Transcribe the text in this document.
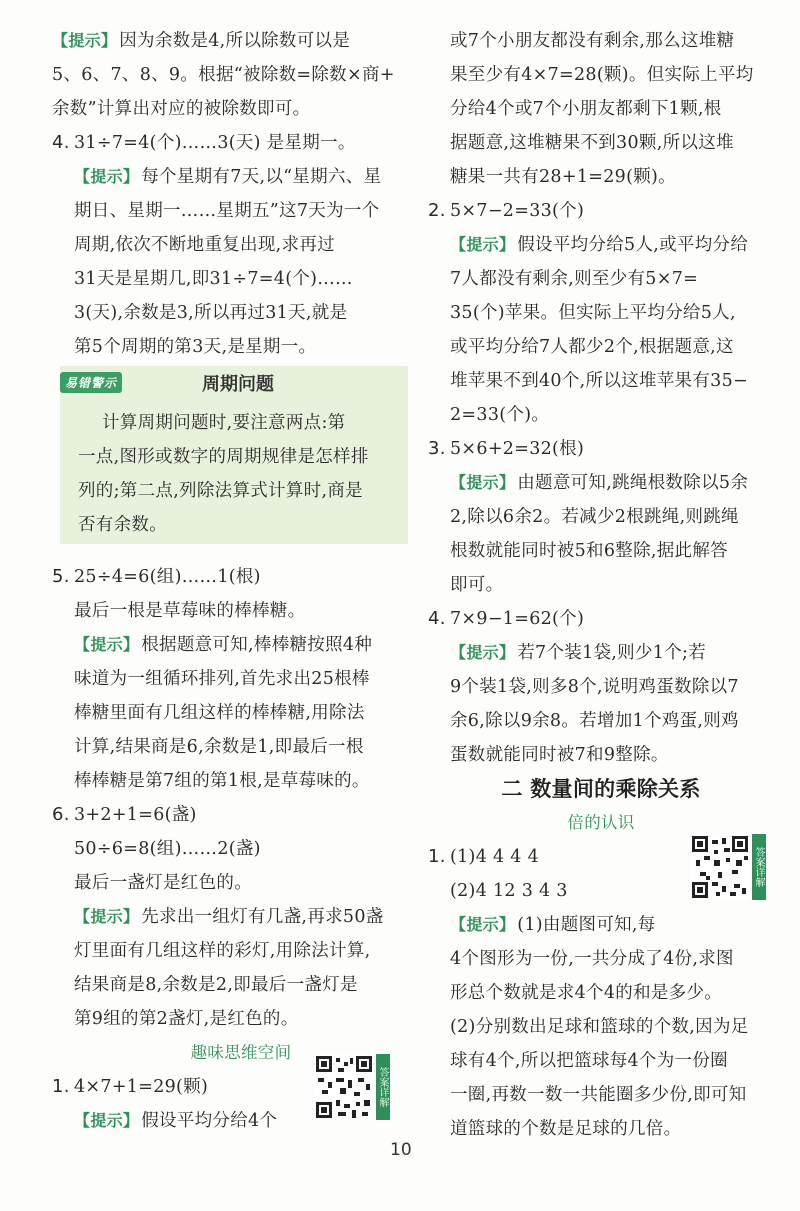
【提示】 因为余数是4,所以除数可以是
5、6、7、8、9。根据“被除数=除数×商+
余数”计算出对应的被除数即可。
4. 31÷7=4(个)……3(天) 是星期一。
【提示】 每个星期有7天,以“星期六、星
期日、星期一……星期五”这7天为一个
周期,依次不断地重复出现,求再过
31天是星期几,即31÷7=4(个)……
3(天),余数是3,所以再过31天,就是
第5个周期的第3天,是星期一。
易错警示	周期问题
计算周期问题时,要注意两点:第
一点,图形或数字的周期规律是怎样排
列的;第二点,列除法算式计算时,商是
否有余数。
5. 25÷4=6(组)……1(根)
最后一根是草莓味的棒棒糖。
【提示】 根据题意可知,棒棒糖按照4种
味道为一组循环排列,首先求出25根棒
棒糖里面有几组这样的棒棒糖,用除法
计算,结果商是6,余数是1,即最后一根
棒棒糖是第7组的第1根,是草莓味的。
6. 3+2+1=6(盏)
50÷6=8(组)……2(盏)
最后一盏灯是红色的。
【提示】 先求出一组灯有几盏,再求50盏
灯里面有几组这样的彩灯,用除法计算,
结果商是8,余数是2,即最后一盏灯是
第9组的第2盏灯,是红色的。
趣味思维空间
1. 4×7+1=29(颗)
【提示】 假设平均分给4个
答案详解
或7个小朋友都没有剩余,那么这堆糖
果至少有4×7=28(颗)。但实际上平均
分给4个或7个小朋友都剩下1颗,根
据题意,这堆糖果不到30颗,所以这堆
糖果一共有28+1=29(颗)。
2. 5×7−2=33(个)
【提示】 假设平均分给5人,或平均分给
7人都没有剩余,则至少有5×7=
35(个)苹果。但实际上平均分给5人,
或平均分给7人都少2个,根据题意,这
堆苹果不到40个,所以这堆苹果有35−
2=33(个)。
3. 5×6+2=32(根)
【提示】 由题意可知,跳绳根数除以5余
2,除以6余2。若减少2根跳绳,则跳绳
根数就能同时被5和6整除,据此解答
即可。
4. 7×9−1=62(个)
【提示】 若7个装1袋,则少1个;若
9个装1袋,则多8个,说明鸡蛋数除以7
余6,除以9余8。若增加1个鸡蛋,则鸡
蛋数就能同时被7和9整除。
二 数量间的乘除关系
倍的认识
1. (1)4 4 4 4
(2)4 12 3 4 3
【提示】 (1)由题图可知,每
4个图形为一份,一共分成了4份,求图
形总个数就是求4个4的和是多少。
(2)分别数出足球和篮球的个数,因为足
球有4个,所以把篮球每4个为一份圈
一圈,再数一数一共能圈多少份,即可知
道篮球的个数是足球的几倍。
答案详解
10
